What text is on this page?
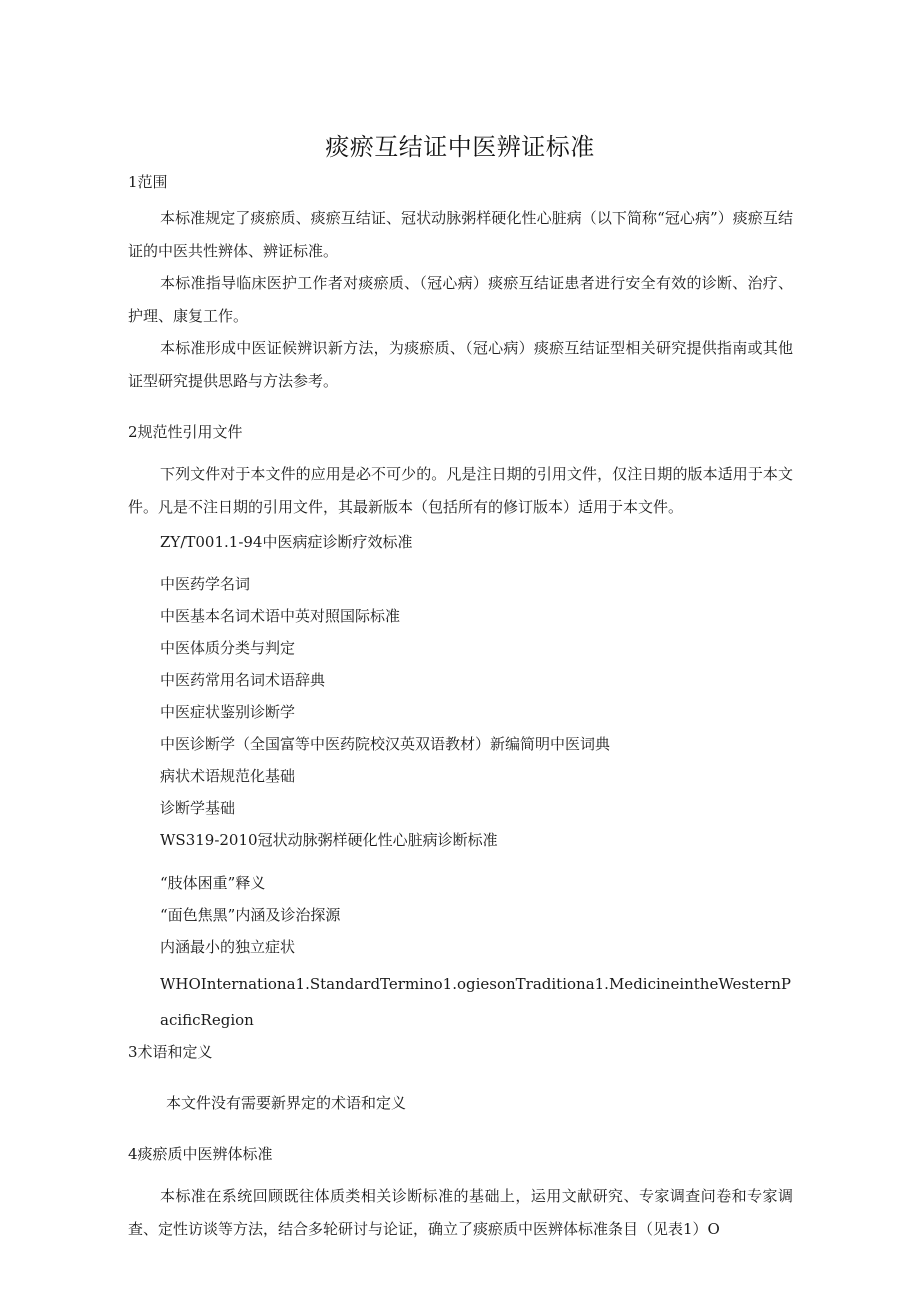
痰瘀互结证中医辨证标准
1范围
本标准规定了痰瘀质、痰瘀互结证、冠状动脉粥样硬化性心脏病（以下简称“冠心病”）痰瘀互结证的中医共性辨体、辨证标准。
本标准指导临床医护工作者对痰瘀质、（冠心病）痰瘀互结证患者进行安全有效的诊断、治疗、护理、康复工作。
本标准形成中医证候辨识新方法，为痰瘀质、（冠心病）痰瘀互结证型相关研究提供指南或其他证型研究提供思路与方法参考。
2规范性引用文件
下列文件对于本文件的应用是必不可少的。凡是注日期的引用文件，仅注日期的版本适用于本文件。凡是不注日期的引用文件，其最新版本（包括所有的修订版本）适用于本文件。
ZY/T001.1-94中医病症诊断疗效标准
中医药学名词
中医基本名词术语中英对照国际标准
中医体质分类与判定
中医药常用名词术语辞典
中医症状鉴别诊断学
中医诊断学（全国富等中医药院校汉英双语教材）新编简明中医词典
病状术语规范化基础
诊断学基础
WS319-2010冠状动脉粥样硬化性心脏病诊断标准
“肢体困重”释义
“面色焦黑”内涵及诊治探源
内涵最小的独立症状
WHOInternationa1.StandardTermino1.ogiesonTraditiona1.MedicineintheWesternPacificRegion
3术语和定义
本文件没有需要新界定的术语和定义
4痰瘀质中医辨体标准
本标准在系统回顾既往体质类相关诊断标准的基础上，运用文献研究、专家调查问卷和专家调查、定性访谈等方法，结合多轮研讨与论证，确立了痰瘀质中医辨体标准条目（见表1）O
